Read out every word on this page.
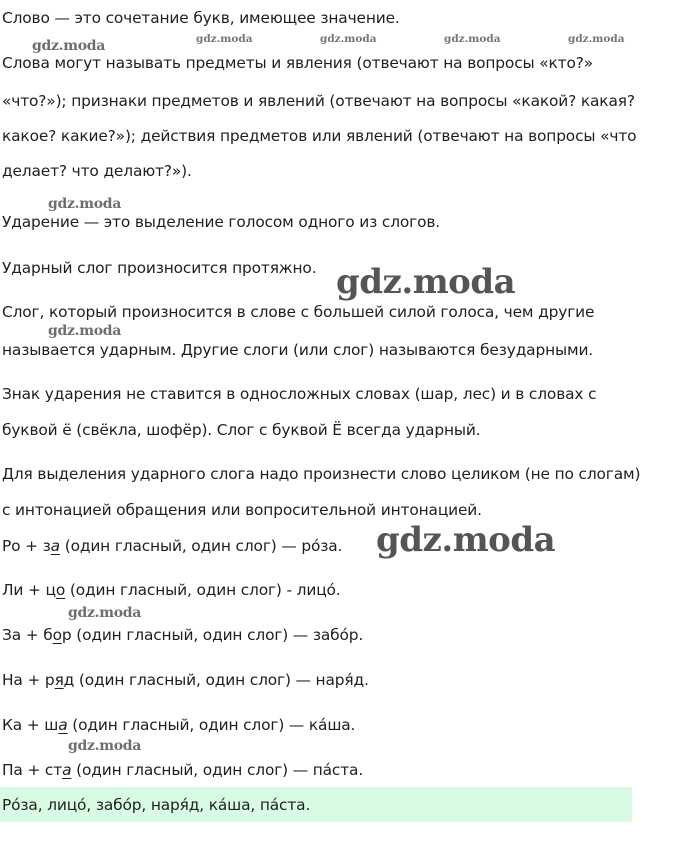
Слово — это сочетание букв, имеющее значение.
Слова могут называть предметы и явления (отвечают на вопросы «кто?»
«что?»); признаки предметов и явлений (отвечают на вопросы «какой? какая?
какое? какие?»); действия предметов или явлений (отвечают на вопросы «что
делает? что делают?»).
Ударение — это выделение голосом одного из слогов.
Ударный слог произносится протяжно.
Слог, который произносится в слове с большей силой голоса, чем другие
называется ударным. Другие слоги (или слог) называются безударными.
Знак ударения не ставится в односложных словах (шар, лес) и в словах с
буквой ё (свёкла, шофёр). Слог с буквой Ё всегда ударный.
Для выделения ударного слога надо произнести слово целиком (не по слогам)
с интонацией обращения или вопросительной интонацией.
Ро + за (один гласный, один слог) — ро́за.
Ли + цо (один гласный, один слог) - лицо́.
За + бор (один гласный, один слог) — забо́р.
На + ряд (один гласный, один слог) — наря́д.
Ка + ша (один гласный, один слог) — ка́ша.
Па + ста (один гласный, один слог) — па́ста.
Ро́за, лицо́, забо́р, наря́д, ка́ша, па́ста.
gdz.moda	gdz.moda	gdz.moda	gdz.moda	gdz.moda
gdz.moda
gdz.moda
gdz.moda
gdz.moda
gdz.moda
gdz.moda
